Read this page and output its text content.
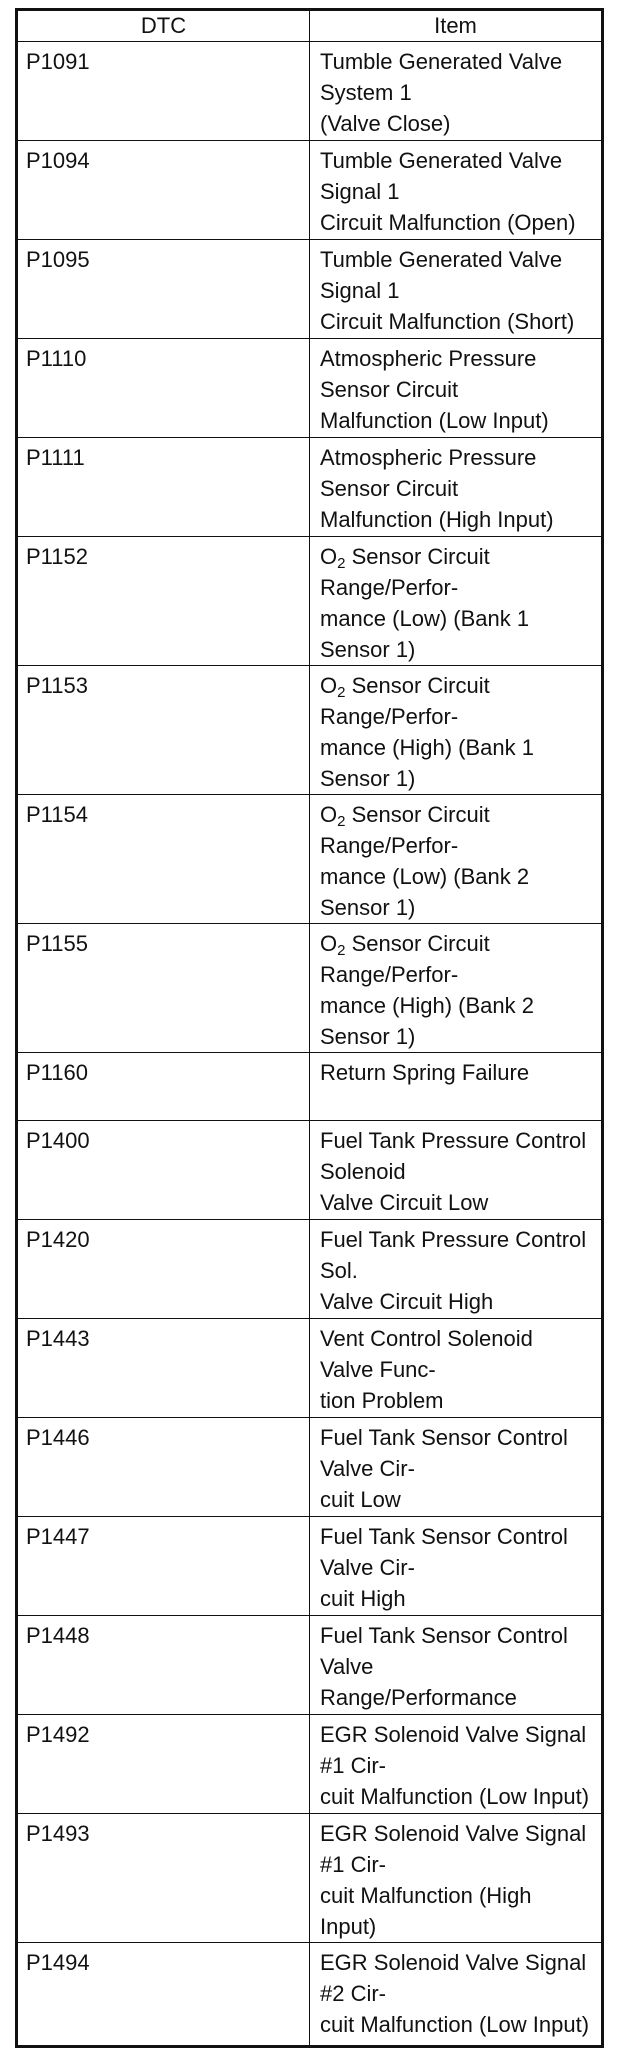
DTC	Item
P1091	Tumble Generated Valve System 1
(Valve Close)
P1094	Tumble Generated Valve Signal 1
Circuit Malfunction (Open)
P1095	Tumble Generated Valve Signal 1
Circuit Malfunction (Short)
P1110	Atmospheric Pressure Sensor Circuit
Malfunction (Low Input)
P1111	Atmospheric Pressure Sensor Circuit
Malfunction (High Input)
P1152	$O_2$ Sensor Circuit Range/Perfor-
mance (Low) (Bank 1 Sensor 1)
P1153	$O_2$ Sensor Circuit Range/Perfor-
mance (High) (Bank 1 Sensor 1)
P1154	$O_2$ Sensor Circuit Range/Perfor-
mance (Low) (Bank 2 Sensor 1)
P1155	$O_2$ Sensor Circuit Range/Perfor-
mance (High) (Bank 2 Sensor 1)
P1160	Return Spring Failure
P1400	Fuel Tank Pressure Control Solenoid
Valve Circuit Low
P1420	Fuel Tank Pressure Control Sol.
Valve Circuit High
P1443	Vent Control Solenoid Valve Func-
tion Problem
P1446	Fuel Tank Sensor Control Valve Cir-
cuit Low
P1447	Fuel Tank Sensor Control Valve Cir-
cuit High
P1448	Fuel Tank Sensor Control Valve
Range/Performance
P1492	EGR Solenoid Valve Signal #1 Cir-
cuit Malfunction (Low Input)
P1493	EGR Solenoid Valve Signal #1 Cir-
cuit Malfunction (High Input)
P1494	EGR Solenoid Valve Signal #2 Cir-
cuit Malfunction (Low Input)
